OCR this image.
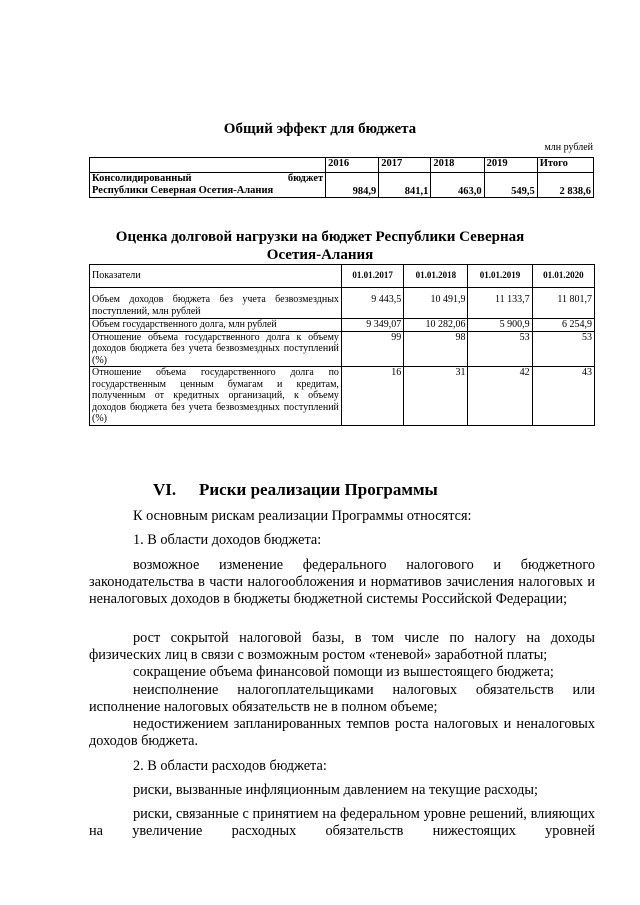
Общий эффект для бюджета
млн рублей
	2016	2017	2018	2019	Итого

Консолидированный бюджет
Республики Северная Осетия-Алания	984,9	841,1	463,0	549,5	2 838,6
Оценка долговой нагрузки на бюджет Республики Северная Осетия-Алания
Показатели	01.01.2017	01.01.2018	01.01.2019	01.01.2020
Объем доходов бюджета без учета безвозмездных поступлений, млн рублей	9 443,5	10 491,9	11 133,7	11 801,7
Объем государственного долга, млн рублей	9 349,07	10 282,06	5 900,9	6 254,9
Отношение объема государственного долга к объему доходов бюджета без учета безвозмездных поступлений (%)	99	98	53	53
Отношение объема государственного долга по государственным ценным бумагам и кредитам, полученным от кредитных организаций, к объему доходов бюджета без учета безвозмездных поступлений (%)	16	31	42	43
VI. Риски реализации Программы
К основным рискам реализации Программы относятся:
1. В области доходов бюджета:
возможное изменение федерального налогового и бюджетного законодательства в части налогообложения и нормативов зачисления налоговых и неналоговых доходов в бюджеты бюджетной системы Российской Федерации;
рост сокрытой налоговой базы, в том числе по налогу на доходы физических лиц в связи с возможным ростом «теневой» заработной платы;
сокращение объема финансовой помощи из вышестоящего бюджета;
неисполнение налогоплательщиками налоговых обязательств или исполнение налоговых обязательств не в полном объеме;
недостижением запланированных темпов роста налоговых и неналоговых доходов бюджета.
2. В области расходов бюджета:
риски, вызванные инфляционным давлением на текущие расходы;
риски, связанные с принятием на федеральном уровне решений, влияющих на увеличение расходных обязательств нижестоящих уровней
